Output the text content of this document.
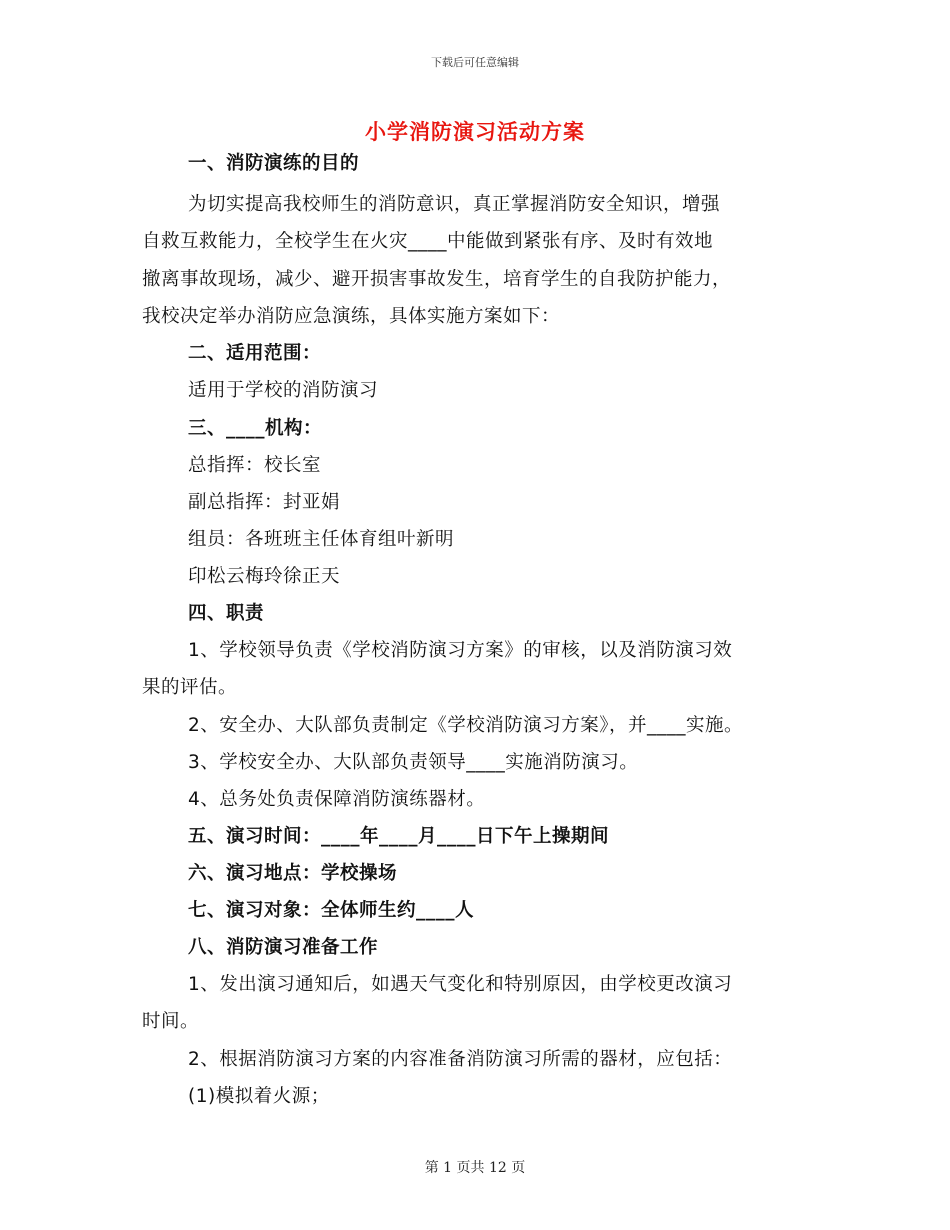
下载后可任意编辑
小学消防演习活动方案
一、消防演练的目的
为切实提高我校师生的消防意识，真正掌握消防安全知识，增强
自救互救能力，全校学生在火灾____中能做到紧张有序、及时有效地
撤离事故现场，减少、避开损害事故发生，培育学生的自我防护能力，
我校决定举办消防应急演练，具体实施方案如下：
二、适用范围：
适用于学校的消防演习
三、____机构：
总指挥：校长室
副总指挥：封亚娟
组员：各班班主任体育组叶新明
印松云梅玲徐正天
四、职责
1、学校领导负责《学校消防演习方案》的审核，以及消防演习效
果的评估。
2、安全办、大队部负责制定《学校消防演习方案》，并____实施。
3、学校安全办、大队部负责领导____实施消防演习。
4、总务处负责保障消防演练器材。
五、演习时间：____年____月____日下午上操期间
六、演习地点：学校操场
七、演习对象：全体师生约____人
八、消防演习准备工作
1、发出演习通知后，如遇天气变化和特别原因，由学校更改演习
时间。
2、根据消防演习方案的内容准备消防演习所需的器材，应包括：
(1)模拟着火源；
第 1 页共 12 页
